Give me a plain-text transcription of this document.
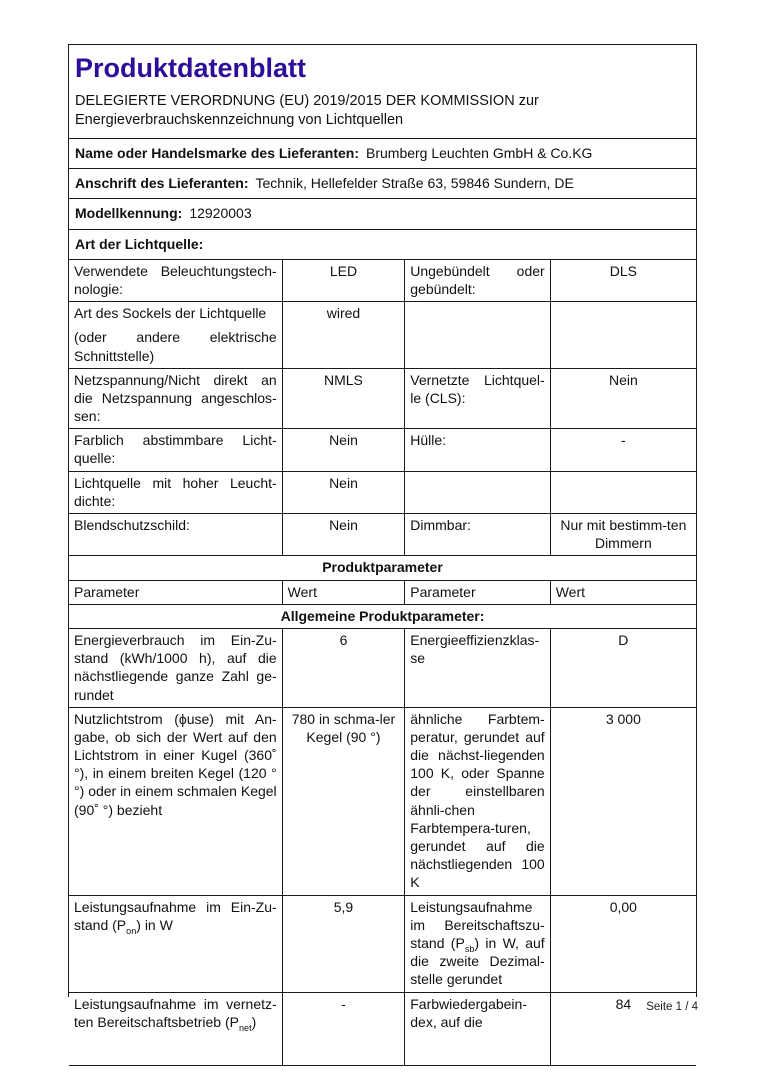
Produktdatenblatt

DELEGIERTE VERORDNUNG (EU) 2019/2015 DER KOMMISSION zur
Energieverbrauchskennzeichnung von Lichtquellen

Name oder Handelsmarke des Lieferanten: Brumberg Leuchten GmbH & Co.KG
Anschrift des Lieferanten: Technik, Hellefelder Straße 63, 59846 Sundern, DE
Modellkennung: 12920003
Art der Lichtquelle:
Verwendete Beleuchtungstech-nologie:	LED	Ungebündelt oder gebündelt:	DLS

Art des Sockels der Lichtquelle
(oder andere elektrische Schnittstelle)	wired		
Netzspannung/Nicht direkt an die Netzspannung angeschlos-sen:	NMLS	Vernetzte Lichtquel-le (CLS):	Nein
Farblich abstimmbare Licht-quelle:	Nein	Hülle:	-
Lichtquelle mit hoher Leucht-dichte:	Nein		
Blendschutzschild:	Nein	Dimmbar:	Nur mit bestimm-ten Dimmern
Produktparameter			
Parameter	Wert	Parameter	Wert
Allgemeine Produktparameter:			
Energieverbrauch im Ein-Zu-stand (kWh/1000 h), auf die nächstliegende ganze Zahl ge-rundet	6	Energieeffizienzklas-se	D
Nutzlichtstrom (ϕuse) mit An-gabe, ob sich der Wert auf den Lichtstrom in einer Kugel (360˚ °), in einem breiten Kegel (120 °°) oder in einem schmalen Kegel (90˚ °) bezieht	780 in schma-ler Kegel (90 °)	ähnliche Farbtem-peratur, gerundet auf die nächst-liegenden 100 K, oder Spanne der einstellbaren ähnli-chen Farbtempera-turen, gerundet auf die nächstliegenden 100 K	3 000
Leistungsaufnahme im Ein-Zu-stand $(P_{on})$ in W	5,9	Leistungsaufnahme im Bereitschaftszu-stand $(P_{sb})$ in W, auf die zweite Dezimal-stelle gerundet	0,00
Leistungsaufnahme im vernetz-ten Bereitschaftsbetrieb $(P_{net})$	-	Farbwiedergabein-dex, auf die	84 Seite 1 / 4
